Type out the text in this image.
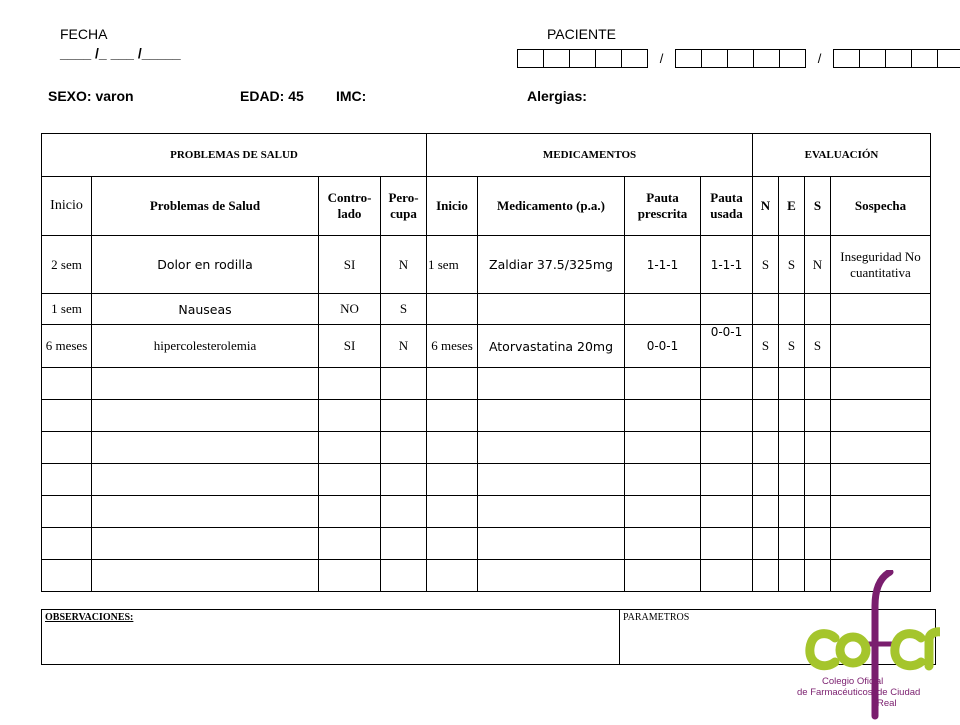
FECHA
____ /_ ___ /_____
PACIENTE
/	/
SEXO: varon	EDAD: 45 IMC:	Alergias:
PROBLEMAS DE SALUD				MEDICAMENTOS				EVALUACIÓN			
Inicio	Problemas de Salud	Contro-lado	Pero-cupa	Inicio	Medicamento (p.a.)	Pauta prescrita	Pauta usada	N	E	S	Sospecha
2 sem	Dolor en rodilla	SI	N	1 sem	Zaldiar 37.5/325mg	1-1-1	1-1-1	S	S	N	Inseguridad No cuantitativa
1 sem	Nauseas	NO	S								
6 meses	hipercolesterolemia	SI	N	6 meses	Atorvastatina 20mg	0-0-1	0-0-1	S	S	S	

OBSERVACIONES:	PARAMETROS
Colegio Oficial
de Farmacéuticos de Ciudad Real
